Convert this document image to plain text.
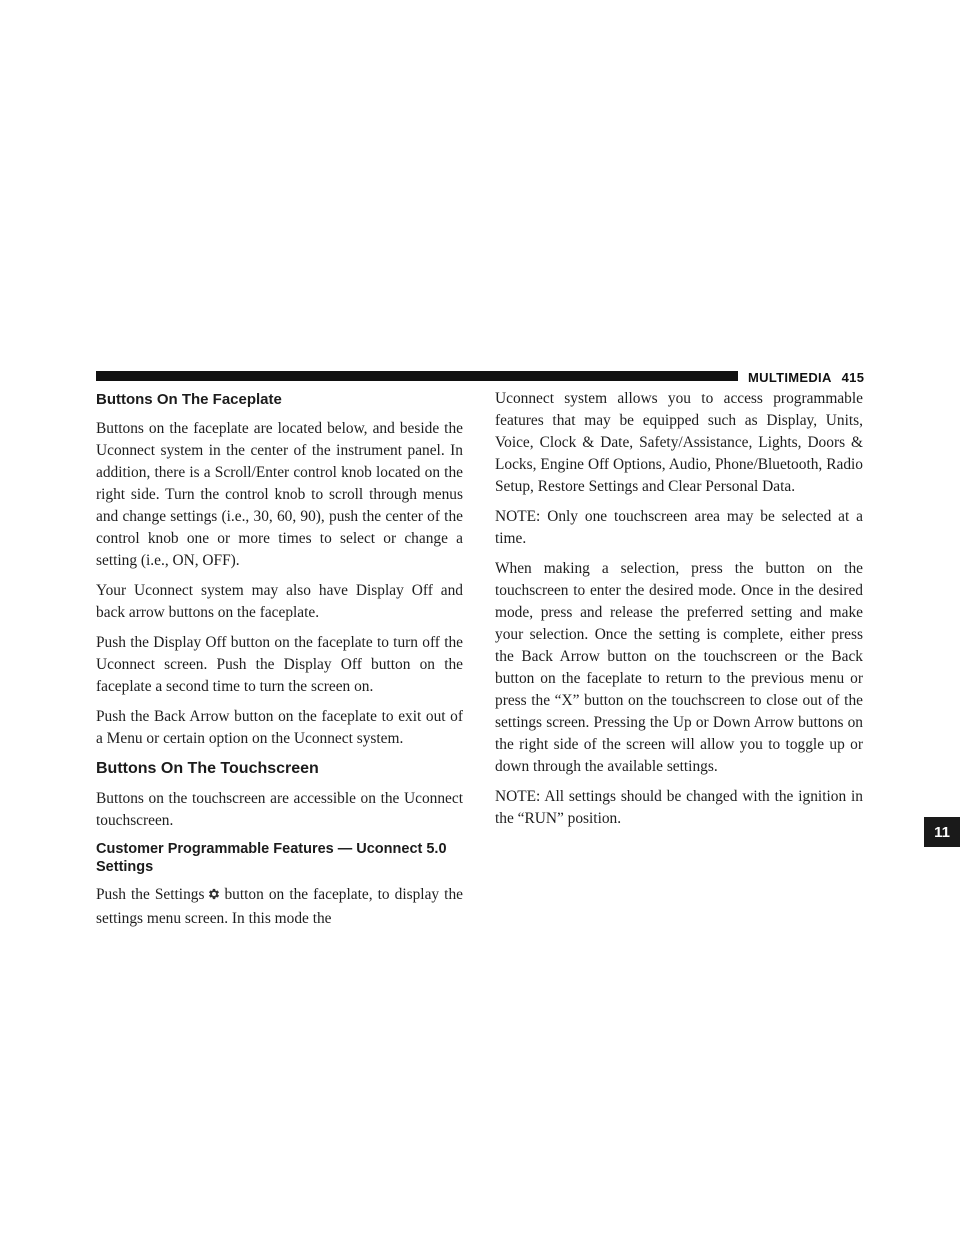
MULTIMEDIA 415
Buttons On The Faceplate

Buttons on the faceplate are located below, and beside the Uconnect system in the center of the instrument panel. In addition, there is a Scroll/Enter control knob located on the right side. Turn the control knob to scroll through menus and change settings (i.e., 30, 60, 90), push the center of the control knob one or more times to select or change a setting (i.e., ON, OFF).

Your Uconnect system may also have Display Off and back arrow buttons on the faceplate.

Push the Display Off button on the faceplate to turn off the Uconnect screen. Push the Display Off button on the faceplate a second time to turn the screen on.

Push the Back Arrow button on the faceplate to exit out of a Menu or certain option on the Uconnect system.

Buttons On The Touchscreen

Buttons on the touchscreen are accessible on the Uconnect touchscreen.

Customer Programmable Features — Uconnect 5.0 Settings

Push the Settings button on the faceplate, to display the settings menu screen. In this mode the

Uconnect system allows you to access programmable features that may be equipped such as Display, Units, Voice, Clock & Date, Safety/Assistance, Lights, Doors & Locks, Engine Off Options, Audio, Phone/Bluetooth, Radio Setup, Restore Settings and Clear Personal Data.

NOTE: Only one touchscreen area may be selected at a time.

When making a selection, press the button on the touchscreen to enter the desired mode. Once in the desired mode, press and release the preferred setting and make your selection. Once the setting is complete, either press the Back Arrow button on the touchscreen or the Back button on the faceplate to return to the previous menu or press the “X” button on the touchscreen to close out of the settings screen. Pressing the Up or Down Arrow buttons on the right side of the screen will allow you to toggle up or down through the available settings.

NOTE: All settings should be changed with the ignition in the “RUN” position.

11
